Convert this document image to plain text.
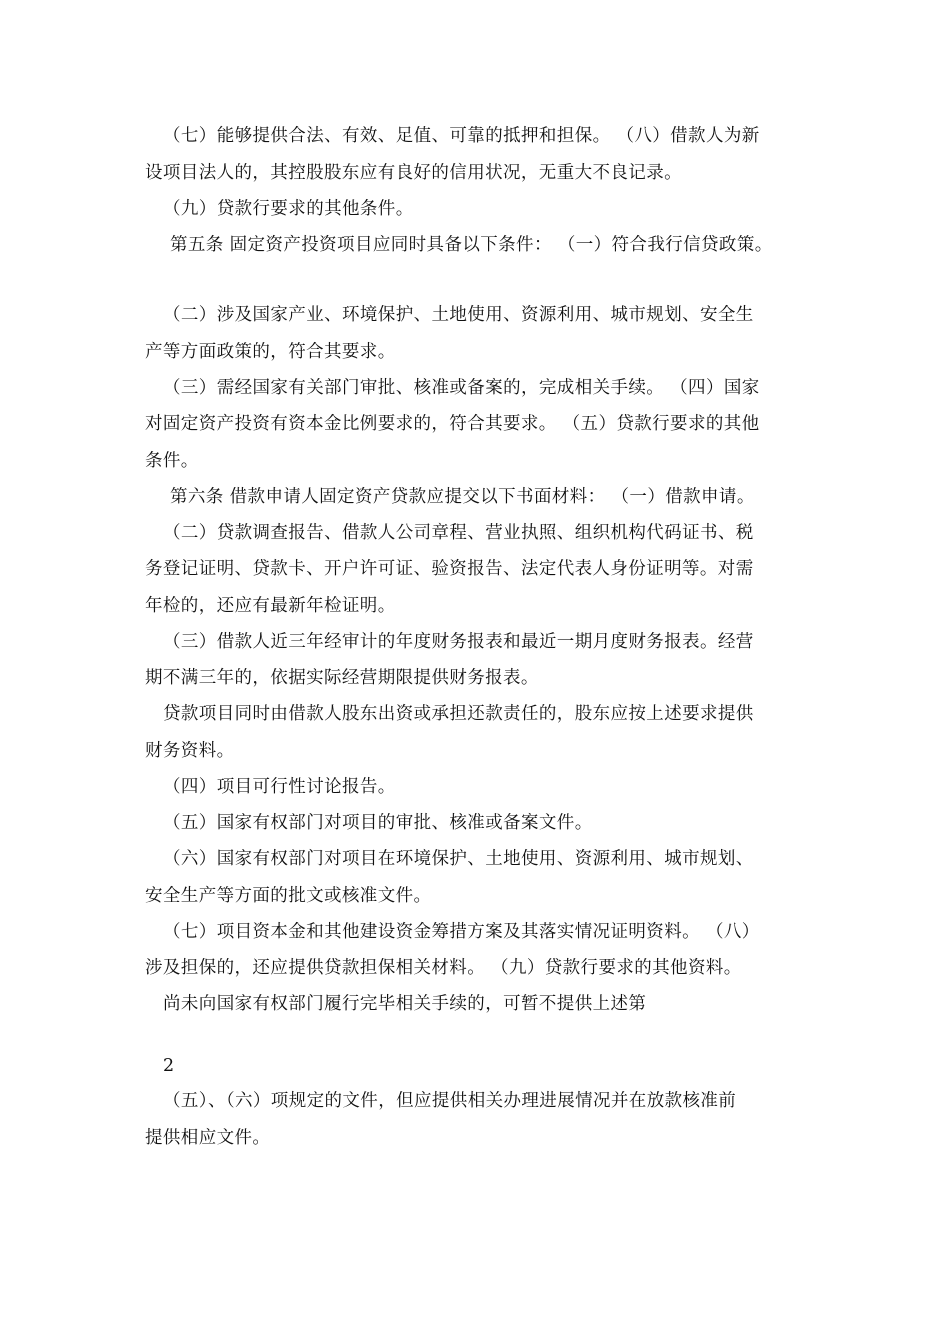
（七）能够提供合法、有效、足值、可靠的抵押和担保。 （八）借款人为新
设项目法人的，其控股股东应有良好的信用状况，无重大不良记录。
（九）贷款行要求的其他条件。
第五条 固定资产投资项目应同时具备以下条件： （一）符合我行信贷政策。
（二）涉及国家产业、环境保护、土地使用、资源利用、城市规划、安全生
产等方面政策的，符合其要求。
（三）需经国家有关部门审批、核准或备案的，完成相关手续。 （四）国家
对固定资产投资有资本金比例要求的，符合其要求。 （五）贷款行要求的其他
条件。
第六条 借款申请人固定资产贷款应提交以下书面材料： （一）借款申请。
（二）贷款调查报告、借款人公司章程、营业执照、组织机构代码证书、税
务登记证明、贷款卡、开户许可证、验资报告、法定代表人身份证明等。对需
年检的，还应有最新年检证明。
（三）借款人近三年经审计的年度财务报表和最近一期月度财务报表。经营
期不满三年的，依据实际经营期限提供财务报表。
贷款项目同时由借款人股东出资或承担还款责任的，股东应按上述要求提供
财务资料。
（四）项目可行性讨论报告。
（五）国家有权部门对项目的审批、核准或备案文件。
（六）国家有权部门对项目在环境保护、土地使用、资源利用、城市规划、
安全生产等方面的批文或核准文件。
（七）项目资本金和其他建设资金筹措方案及其落实情况证明资料。 （八）
涉及担保的，还应提供贷款担保相关材料。 （九）贷款行要求的其他资料。
尚未向国家有权部门履行完毕相关手续的，可暂不提供上述第
2
（五）、（六）项规定的文件，但应提供相关办理进展情况并在放款核准前
提供相应文件。
